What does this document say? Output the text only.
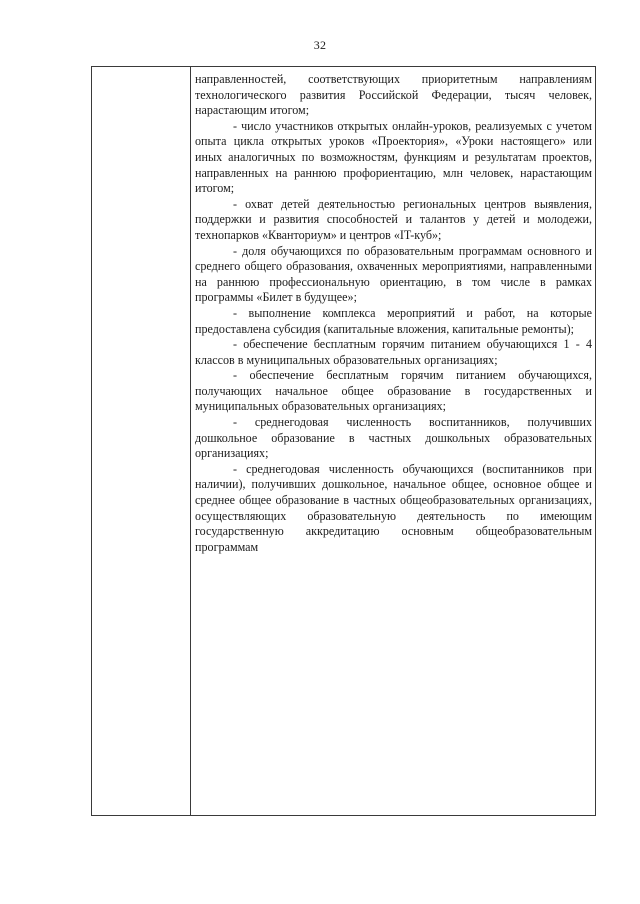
32

направленностей, соответствующих приоритетным направлениям технологического развития Российской Федерации, тысяч человек, нарастающим итогом;

- число участников открытых онлайн-уроков, реализуемых с учетом опыта цикла открытых уроков «Проектория», «Уроки настоящего» или иных аналогичных по возможностям, функциям и результатам проектов, направленных на раннюю профориентацию, млн человек, нарастающим итогом;

- охват детей деятельностью региональных центров выявления, поддержки и развития способностей и талантов у детей и молодежи, технопарков «Кванториум» и центров «IT-куб»;

- доля обучающихся по образовательным программам основного и среднего общего образования, охваченных мероприятиями, направленными на раннюю профессиональную ориентацию, в том числе в рамках программы «Билет в будущее»;

- выполнение комплекса мероприятий и работ, на которые предоставлена субсидия (капитальные вложения, капитальные ремонты);

- обеспечение бесплатным горячим питанием обучающихся 1 - 4 классов в муниципальных образовательных организациях;

- обеспечение бесплатным горячим питанием обучающихся, получающих начальное общее образование в государственных и муниципальных образовательных организациях;

- среднегодовая численность воспитанников, получивших дошкольное образование в частных дошкольных образовательных организациях;

- среднегодовая численность обучающихся (воспитанников при наличии), получивших дошкольное, начальное общее, основное общее и среднее общее образование в частных общеобразовательных организациях, осуществляющих образовательную деятельность по имеющим государственную аккредитацию основным общеобразовательным программам
